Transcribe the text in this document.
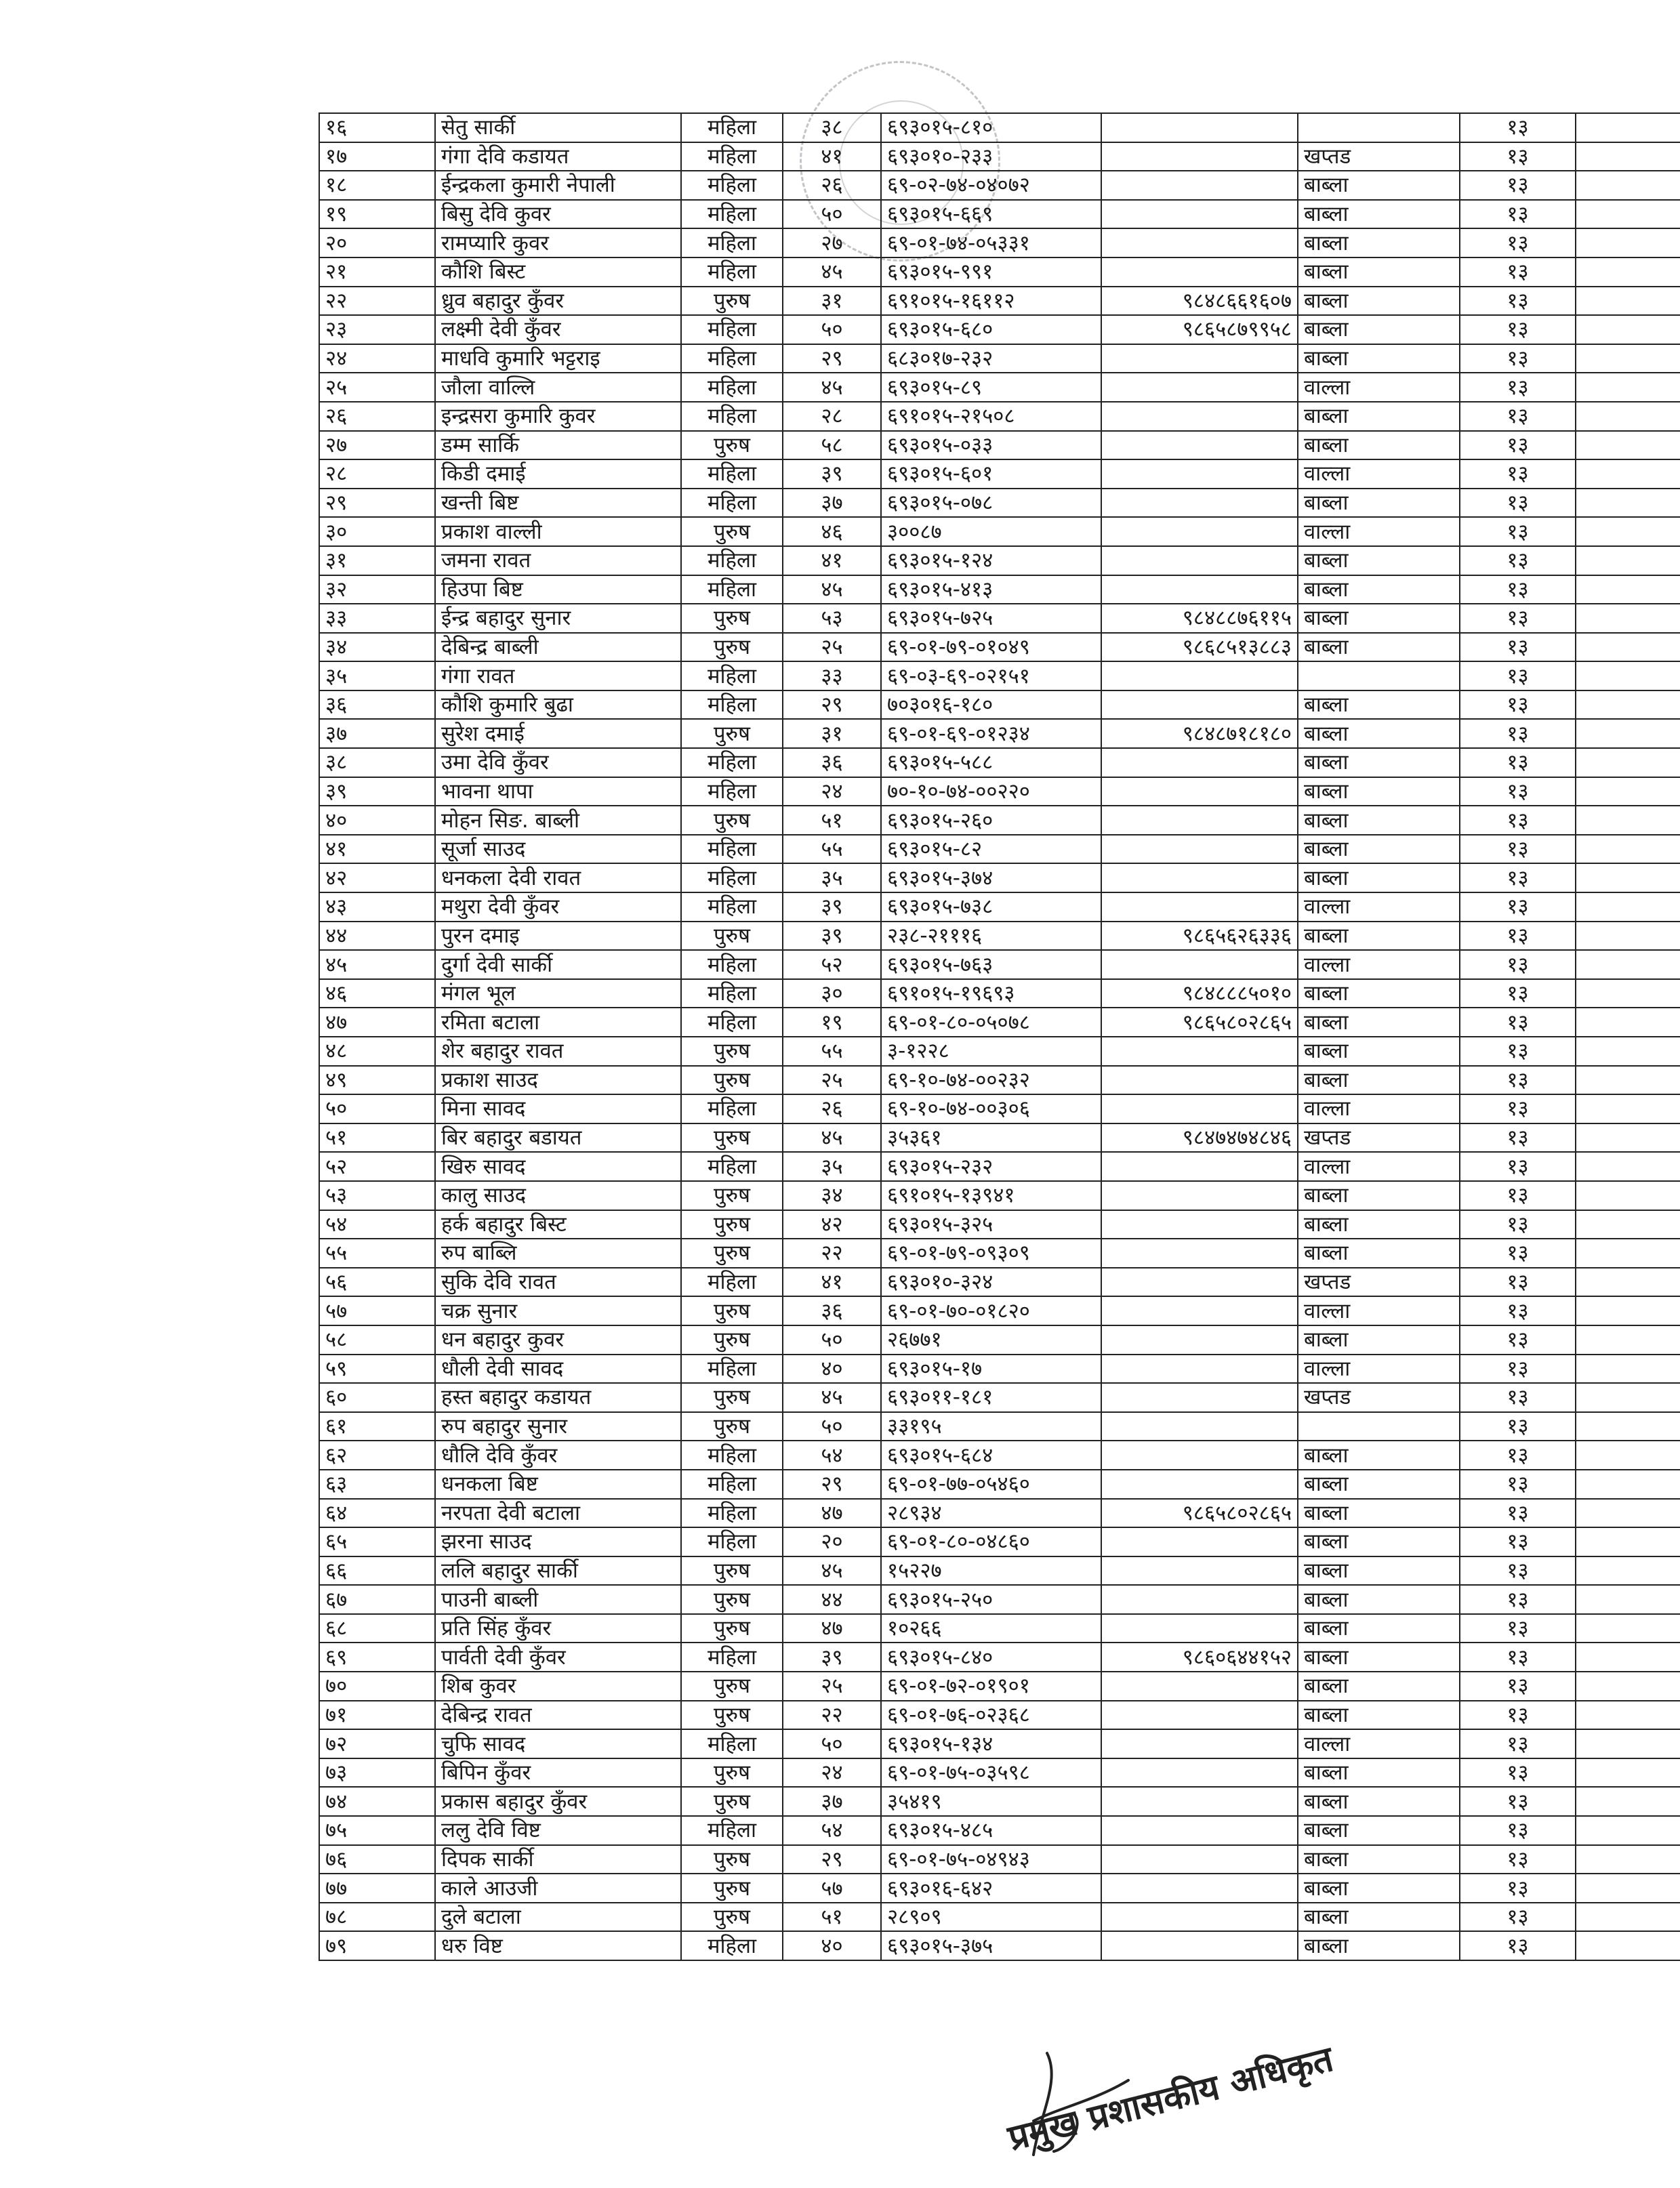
१६	सेतु सार्की	महिला	३८	६९३०१५-८१०			१३	
१७	गंगा देवि कडायत	महिला	४१	६९३०१०-२३३		खप्तड	१३	
१८	ईन्द्रकला कुमारी नेपाली	महिला	२६	६९-०२-७४-०४०७२		बाब्ला	१३	
१९	बिसु देवि कुवर	महिला	५०	६९३०१५-६६९		बाब्ला	१३	
२०	रामप्यारि कुवर	महिला	२७	६९-०१-७४-०५३३१		बाब्ला	१३	
२१	कौशि बिस्ट	महिला	४५	६९३०१५-९९१		बाब्ला	१३	
२२	ध्रुव बहादुर कुँवर	पुरुष	३१	६९१०१५-१६११२	९८४८६६१६०७	बाब्ला	१३	
२३	लक्ष्मी देवी कुँवर	महिला	५०	६९३०१५-६८०	९८६५८७९९५८	बाब्ला	१३	
२४	माधवि कुमारि भट्टराइ	महिला	२९	६८३०१७-२३२		बाब्ला	१३	
२५	जौला वाल्लि	महिला	४५	६९३०१५-८९		वाल्ला	१३	
२६	इन्द्रसरा कुमारि कुवर	महिला	२८	६९१०१५-२१५०८		बाब्ला	१३	
२७	डम्म सार्कि	पुरुष	५८	६९३०१५-०३३		बाब्ला	१३	
२८	किडी दमाई	महिला	३९	६९३०१५-६०१		वाल्ला	१३	
२९	खन्ती बिष्ट	महिला	३७	६९३०१५-०७८		बाब्ला	१३	
३०	प्रकाश वाल्ली	पुरुष	४६	३००८७		वाल्ला	१३	
३१	जमना रावत	महिला	४१	६९३०१५-१२४		बाब्ला	१३	
३२	हिउपा बिष्ट	महिला	४५	६९३०१५-४१३		बाब्ला	१३	
३३	ईन्द्र बहादुर सुनार	पुरुष	५३	६९३०१५-७२५	९८४८८७६११५	बाब्ला	१३	
३४	देबिन्द्र बाब्ली	पुरुष	२५	६९-०१-७९-०१०४९	९८६८५१३८८३	बाब्ला	१३	
३५	गंगा रावत	महिला	३३	६९-०३-६९-०२१५१			१३	
३६	कौशि कुमारि बुढा	महिला	२९	७०३०१६-१८०		बाब्ला	१३	
३७	सुरेश दमाई	पुरुष	३१	६९-०१-६९-०१२३४	९८४८७१८१८०	बाब्ला	१३	
३८	उमा देवि कुँवर	महिला	३६	६९३०१५-५८८		बाब्ला	१३	
३९	भावना थापा	महिला	२४	७०-१०-७४-००२२०		बाब्ला	१३	
४०	मोहन सिङ. बाब्ली	पुरुष	५१	६९३०१५-२६०		बाब्ला	१३	
४१	सूर्जा साउद	महिला	५५	६९३०१५-८२		बाब्ला	१३	
४२	धनकला देवी रावत	महिला	३५	६९३०१५-३७४		बाब्ला	१३	
४३	मथुरा देवी कुँवर	महिला	३९	६९३०१५-७३८		वाल्ला	१३	
४४	पुरन दमाइ	पुरुष	३९	२३८-२१११६	९८६५६२६३३६	बाब्ला	१३	
४५	दुर्गा देवी सार्की	महिला	५२	६९३०१५-७६३		वाल्ला	१३	
४६	मंगल भूल	महिला	३०	६९१०१५-१९६९३	९८४८८८५०१०	बाब्ला	१३	
४७	रमिता बटाला	महिला	१९	६९-०१-८०-०५०७८	९८६५८०२८६५	बाब्ला	१३	
४८	शेर बहादुर रावत	पुरुष	५५	३-१२२८		बाब्ला	१३	
४९	प्रकाश साउद	पुरुष	२५	६९-१०-७४-००२३२		बाब्ला	१३	
५०	मिना सावद	महिला	२६	६९-१०-७४-००३०६		वाल्ला	१३	
५१	बिर बहादुर बडायत	पुरुष	४५	३५३६१	९८४७४७४८४६	खप्तड	१३	
५२	खिरु सावद	महिला	३५	६९३०१५-२३२		वाल्ला	१३	
५३	कालु साउद	पुरुष	३४	६९१०१५-१३९४१		बाब्ला	१३	
५४	हर्क बहादुर बिस्ट	पुरुष	४२	६९३०१५-३२५		बाब्ला	१३	
५५	रुप बाब्लि	पुरुष	२२	६९-०१-७९-०९३०९		बाब्ला	१३	
५६	सुकि देवि रावत	महिला	४१	६९३०१०-३२४		खप्तड	१३	
५७	चक्र सुनार	पुरुष	३६	६९-०१-७०-०१८२०		वाल्ला	१३	
५८	धन बहादुर कुवर	पुरुष	५०	२६७७१		बाब्ला	१३	
५९	धौली देवी सावद	महिला	४०	६९३०१५-१७		वाल्ला	१३	
६०	हस्त बहादुर कडायत	पुरुष	४५	६९३०११-१८१		खप्तड	१३	
६१	रुप बहादुर सुनार	पुरुष	५०	३३१९५			१३	
६२	धौलि देवि कुँवर	महिला	५४	६९३०१५-६८४		बाब्ला	१३	
६३	धनकला बिष्ट	महिला	२९	६९-०१-७७-०५४६०		बाब्ला	१३	
६४	नरपता देवी बटाला	महिला	४७	२८९३४	९८६५८०२८६५	बाब्ला	१३	
६५	झरना साउद	महिला	२०	६९-०१-८०-०४८६०		बाब्ला	१३	
६६	ललि बहादुर सार्की	पुरुष	४५	१५२२७		बाब्ला	१३	
६७	पाउनी बाब्ली	पुरुष	४४	६९३०१५-२५०		बाब्ला	१३	
६८	प्रति सिंह कुँवर	पुरुष	४७	१०२६६		बाब्ला	१३	
६९	पार्वती देवी कुँवर	महिला	३९	६९३०१५-८४०	९८६०६४४१५२	बाब्ला	१३	
७०	शिब कुवर	पुरुष	२५	६९-०१-७२-०१९०१		बाब्ला	१३	
७१	देबिन्द्र रावत	पुरुष	२२	६९-०१-७६-०२३६८		बाब्ला	१३	
७२	चुफि सावद	महिला	५०	६९३०१५-१३४		वाल्ला	१३	
७३	बिपिन कुँवर	पुरुष	२४	६९-०१-७५-०३५९८		बाब्ला	१३	
७४	प्रकास बहादुर कुँवर	पुरुष	३७	३५४१९		बाब्ला	१३	
७५	ललु देवि विष्ट	महिला	५४	६९३०१५-४८५		बाब्ला	१३	
७६	दिपक सार्की	पुरुष	२९	६९-०१-७५-०४९४३		बाब्ला	१३	
७७	काले आउजी	पुरुष	५७	६९३०१६-६४२		बाब्ला	१३	
७८	दुले बटाला	पुरुष	५१	२८९०९		बाब्ला	१३	
७९	धरु विष्ट	महिला	४०	६९३०१५-३७५		बाब्ला	१३	
प्रमुख प्रशासकीय अधिकृत
